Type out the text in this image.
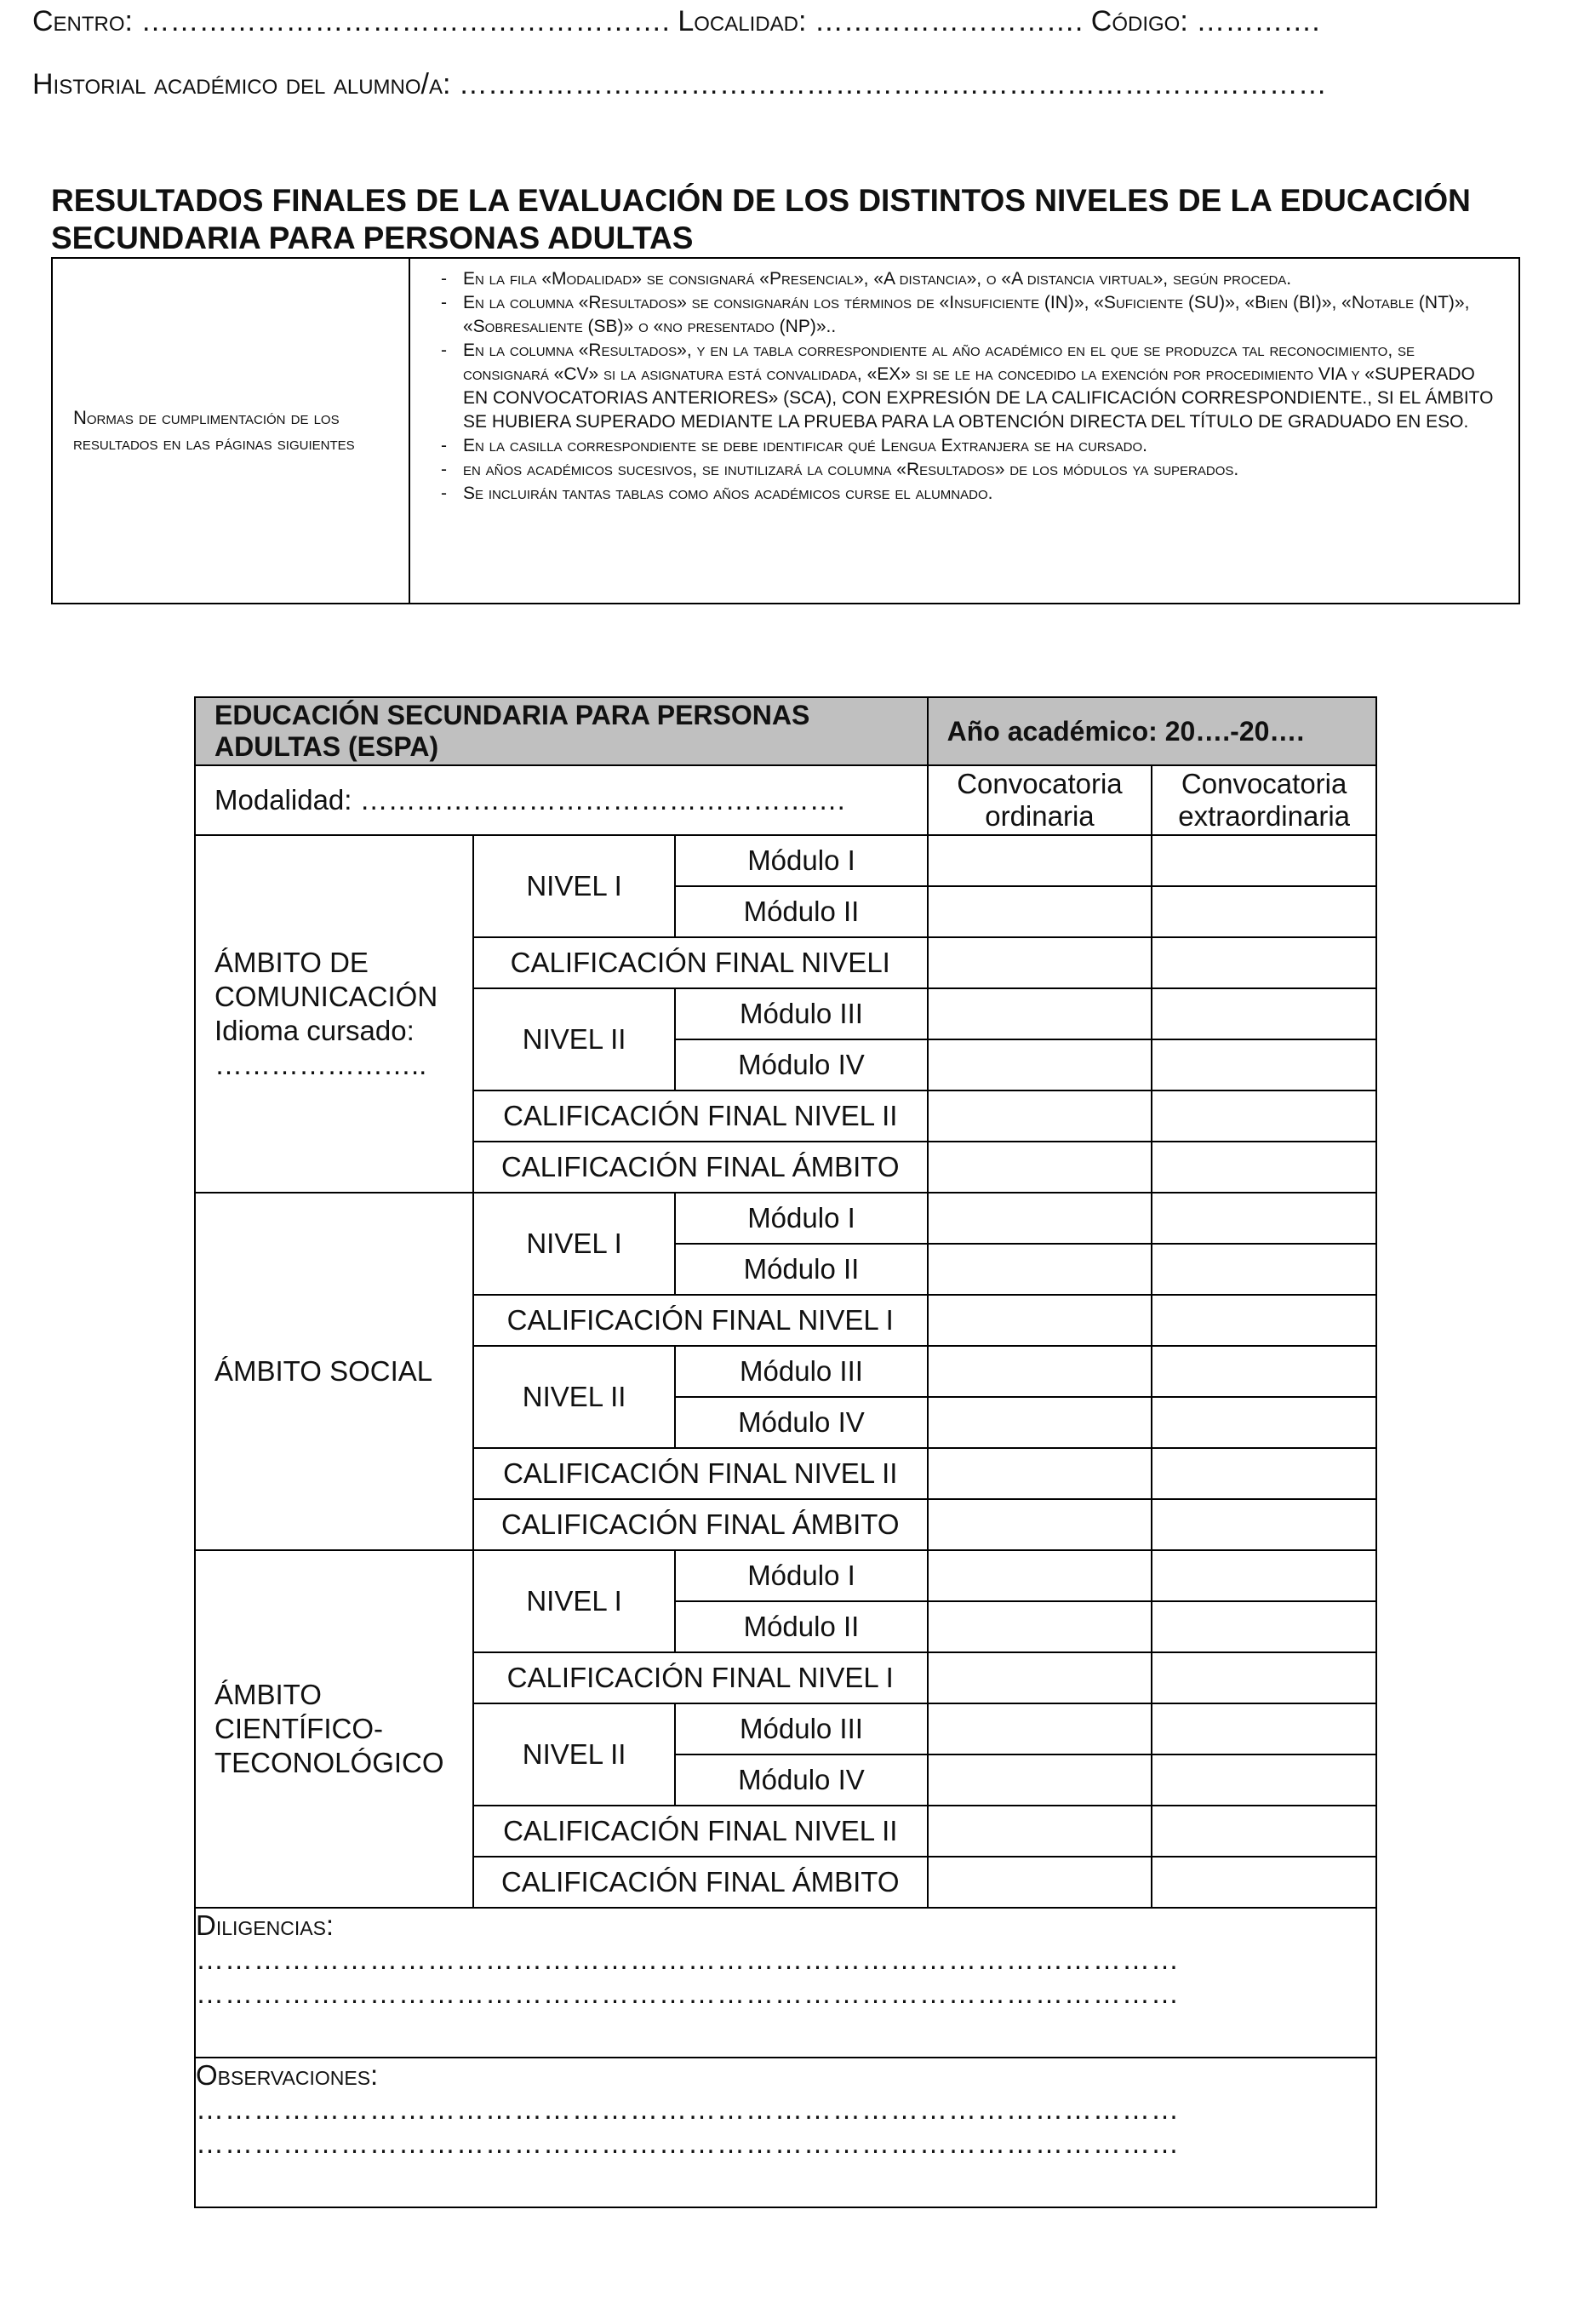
Centro: ………………………………………………. Localidad: ………………………. Código: ………….
Historial académico del alumno/a: ………………………………………………………………………………
RESULTADOS FINALES DE LA EVALUACIÓN DE LOS DISTINTOS NIVELES DE LA EDUCACIÓN SECUNDARIA PARA PERSONAS ADULTAS
Normas de cumplimentación de los resultados en las páginas siguientes	
- En la fila «Modalidad» se consignará «Presencial», «A distancia», o «A distancia virtual», según proceda.
- En la columna «Resultados» se consignarán los términos de «Insuficiente (IN)», «Suficiente (SU)», «Bien (BI)», «Notable (NT)», «Sobresaliente (SB)» o «no presentado (NP)»..
- En la columna «Resultados», y en la tabla correspondiente al año académico en el que se produzca tal reconocimiento, se consignará «CV» si la asignatura está convalidada, «EX» si se le ha concedido la exención por procedimiento VIA y «SUPERADO EN CONVOCATORIAS ANTERIORES» (SCA), CON EXPRESIÓN DE LA CALIFICACIÓN CORRESPONDIENTE., SI EL ÁMBITO SE HUBIERA SUPERADO MEDIANTE LA PRUEBA PARA LA OBTENCIÓN DIRECTA DEL TÍTULO DE GRADUADO EN ESO.
- En la casilla correspondiente se debe identificar qué Lengua Extranjera se ha cursado.
- en años académicos sucesivos, se inutilizará la columna «Resultados» de los módulos ya superados.
- Se incluirán tantas tablas como años académicos curse el alumnado.
EDUCACIÓN SECUNDARIA PARA PERSONAS ADULTAS (ESPA)			Año académico: 20….-20….	
Modalidad: …………………………………………….			Convocatoria ordinaria	Convocatoria extraordinaria

ÁMBITO DE COMUNICACIÓN
Idioma cursado:
…………………..	NIVEL I	Módulo I		
		Módulo II		
	CALIFICACIÓN FINAL NIVELI			
	NIVEL II	Módulo III		
		Módulo IV		
	CALIFICACIÓN FINAL NIVEL II			
	CALIFICACIÓN FINAL ÁMBITO			
ÁMBITO SOCIAL	NIVEL I	Módulo I		
		Módulo II		
	CALIFICACIÓN FINAL NIVEL I			
	NIVEL II	Módulo III		
		Módulo IV		
	CALIFICACIÓN FINAL NIVEL II			
	CALIFICACIÓN FINAL ÁMBITO			
ÁMBITO CIENTÍFICO-TECONOLÓGICO	NIVEL I	Módulo I		
		Módulo II		
	CALIFICACIÓN FINAL NIVEL I			
	NIVEL II	Módulo III		
		Módulo IV		
	CALIFICACIÓN FINAL NIVEL II			
	CALIFICACIÓN FINAL ÁMBITO			

Diligencias:
…………………………………………………………………………………………
…………………………………………………………………………………………				

Observaciones:
…………………………………………………………………………………………
…………………………………………………………………………………………				
